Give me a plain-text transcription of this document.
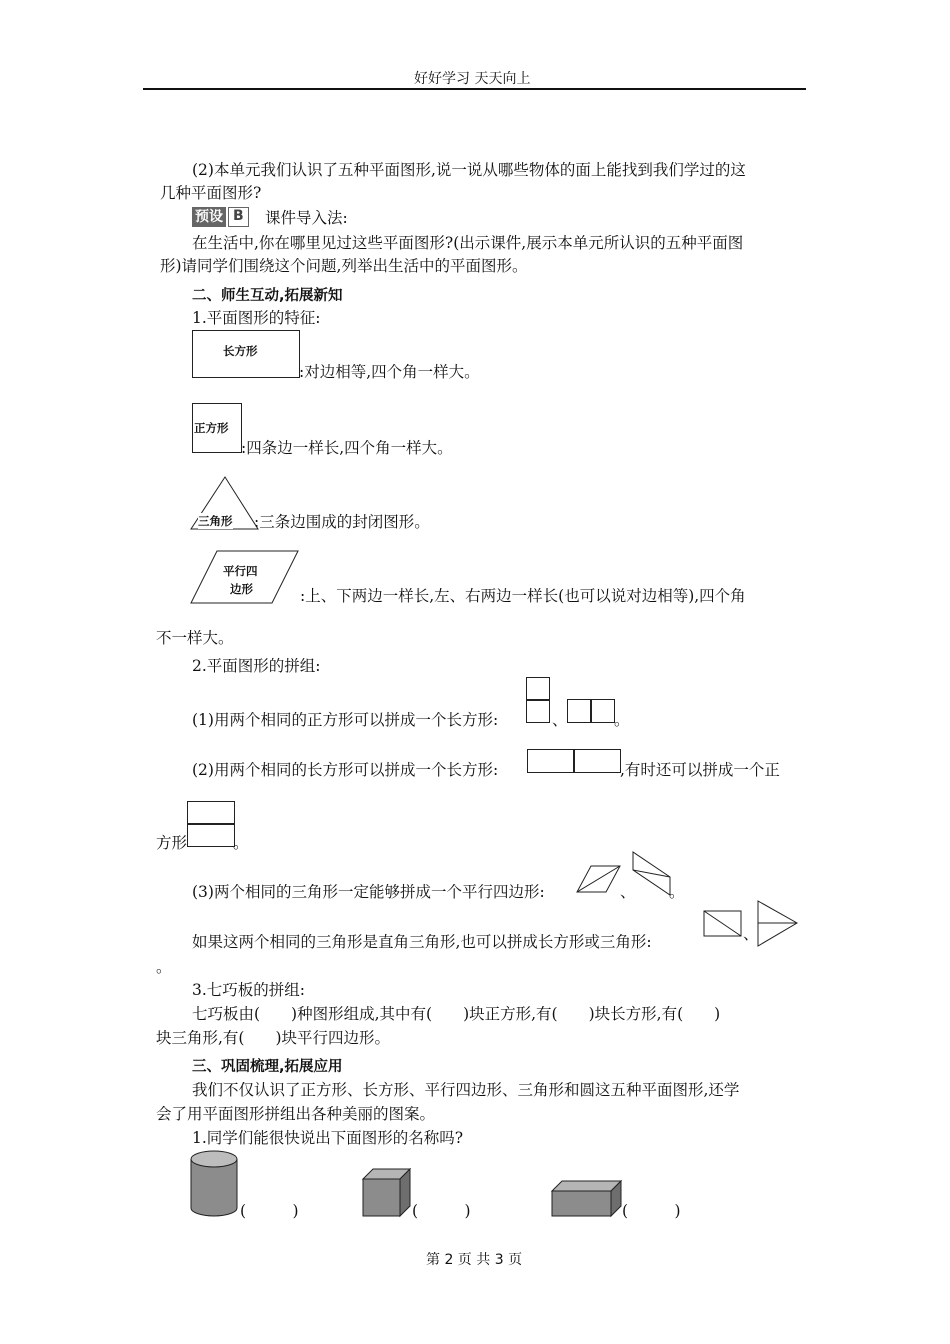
好好学习 天天向上
(2)本单元我们认识了五种平面图形,说一说从哪些物体的面上能找到我们学过的这
几种平面图形?
预设 B	课件导入法:
在生活中,你在哪里见过这些平面图形?(出示课件,展示本单元所认识的五种平面图
形)请同学们围绕这个问题,列举出生活中的平面图形。
二、师生互动,拓展新知
1.平面图形的特征:
长方形
:对边相等,四个角一样大。
正方形
:四条边一样长,四个角一样大。
三角形 :三条边围成的封闭图形。
平行四
边形	:上、下两边一样长,左、右两边一样长(也可以说对边相等),四个角
不一样大。
2.平面图形的拼组:
(1)用两个相同的正方形可以拼成一个长方形:	、	。
(2)用两个相同的长方形可以拼成一个长方形:	,有时还可以拼成一个正
方形	。
(3)两个相同的三角形一定能够拼成一个平行四边形:	、 。
如果这两个相同的三角形是直角三角形,也可以拼成长方形或三角形:	、
。
3.七巧板的拼组:
七巧板由(　　)种图形组成,其中有(　　)块正方形,有(　　)块长方形,有(　　)
块三角形,有(　　)块平行四边形。
三、巩固梳理,拓展应用
我们不仅认识了正方形、长方形、平行四边形、三角形和圆这五种平面图形,还学
会了用平面图形拼组出各种美丽的图案。
1.同学们能很快说出下面图形的名称吗?
(　　　)	(　　　)	(　　　)
第 2 页 共 3 页
